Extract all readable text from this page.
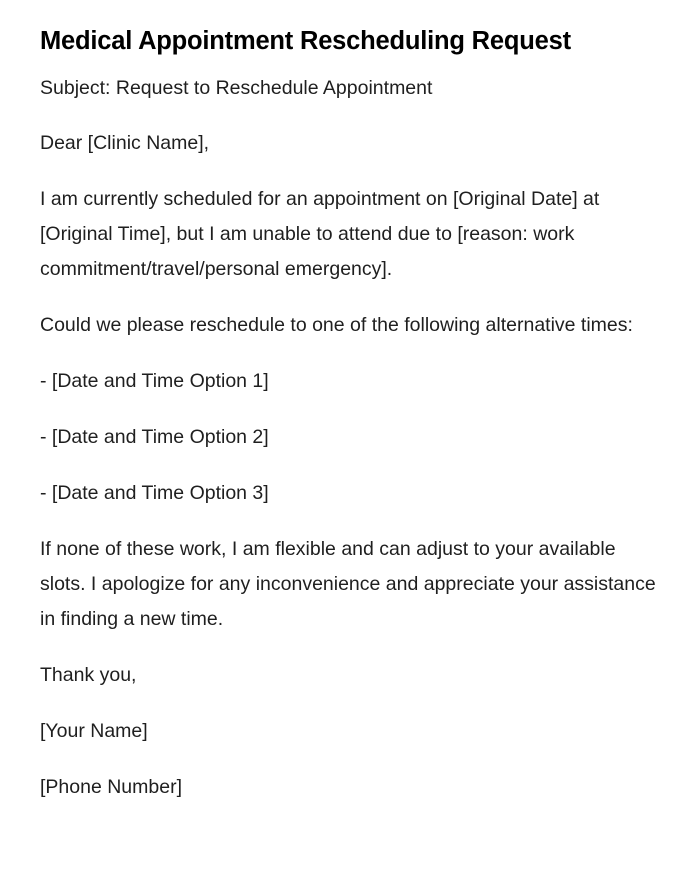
Medical Appointment Rescheduling Request

Subject: Request to Reschedule Appointment

Dear [Clinic Name],

I am currently scheduled for an appointment on [Original Date] at [Original Time], but I am unable to attend due to [reason: work commitment/travel/personal emergency].

Could we please reschedule to one of the following alternative times:

- [Date and Time Option 1]

- [Date and Time Option 2]

- [Date and Time Option 3]

If none of these work, I am flexible and can adjust to your available slots. I apologize for any inconvenience and appreciate your assistance in finding a new time.

Thank you,

[Your Name]

[Phone Number]
